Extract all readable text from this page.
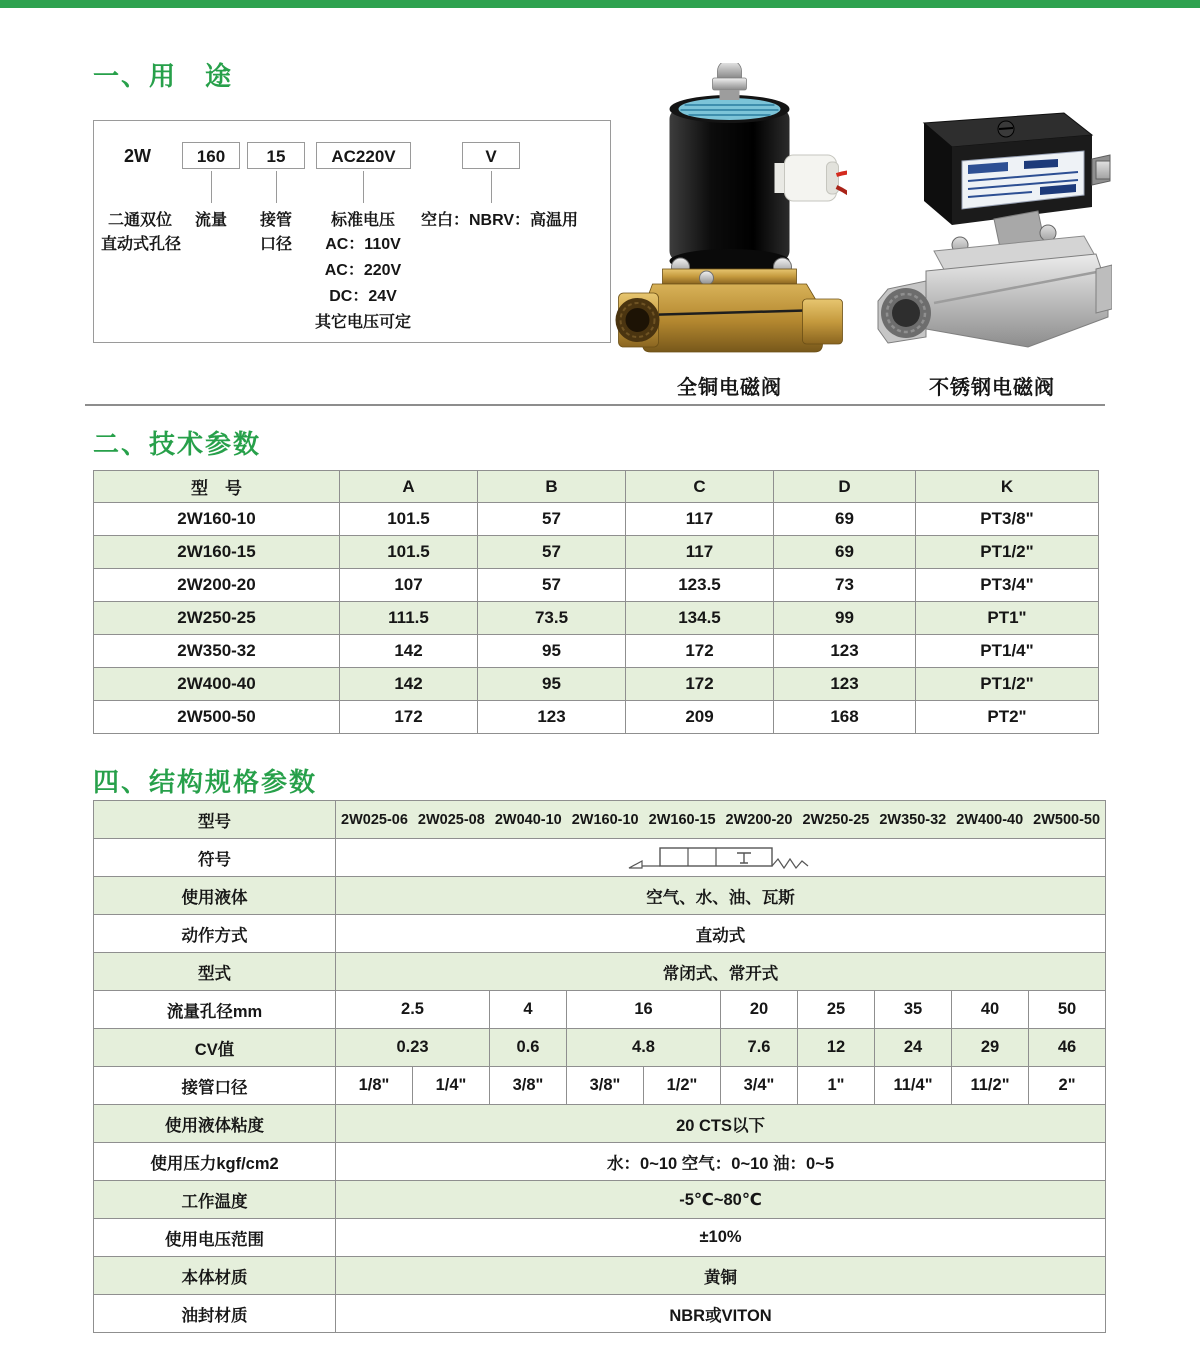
一、用　途
2W	160	15	AC220V	V
二通双位
直动式孔径
流量	接管
口径
标准电压
AC：110V
AC：220V
DC：24V
其它电压可定
空白：NBRV：高温用
全铜电磁阀	不锈钢电磁阀
二、技术参数
型　号	A	B	C	D	K
2W160-10	101.5	57	117	69	PT3/8"
2W160-15	101.5	57	117	69	PT1/2"
2W200-20	107	57	123.5	73	PT3/4"
2W250-25	111.5	73.5	134.5	99	PT1"
2W350-32	142	95	172	123	PT1/4"
2W400-40	142	95	172	123	PT1/2"
2W500-50	172	123	209	168	PT2"
四、结构规格参数
型号	2W025-06 2W025-08 2W040-10 2W160-10 2W160-15 2W200-20 2W250-25 2W350-32 2W400-40 2W500-50

符号	

使用液体	空气、水、油、瓦斯									
动作方式	直动式									
型式	常闭式、常开式									
流量孔径mm	2.5		4	16		20	25	35	40	50
CV值	0.23		0.6	4.8		7.6	12	24	29	46
接管口径	1/8"	1/4"	3/8"	3/8"	1/2"	3/4"	1"	11/4"	11/2"	2"
使用液体粘度	20 CTS以下									
使用压力kgf/cm2	水：0~10 空气：0~10 油：0~5									
工作温度	-5℃~80℃									
使用电压范围	±10%									
本体材质	黄铜									
油封材质	NBR或VITON									
